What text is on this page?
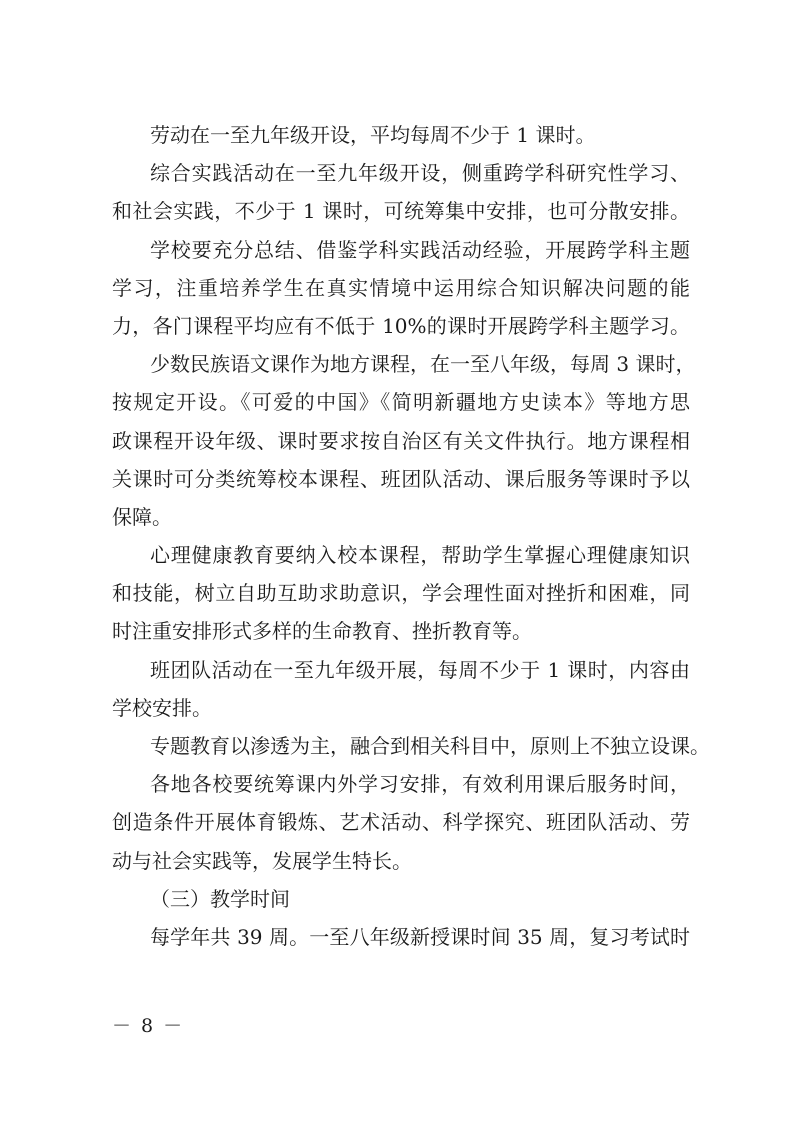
劳动在一至九年级开设，平均每周不少于 1 课时。
综合实践活动在一至九年级开设，侧重跨学科研究性学习、
和社会实践，不少于 1 课时，可统筹集中安排，也可分散安排。
学校要充分总结、借鉴学科实践活动经验，开展跨学科主题
学习，注重培养学生在真实情境中运用综合知识解决问题的能
力，各门课程平均应有不低于 10%的课时开展跨学科主题学习。
少数民族语文课作为地方课程，在一至八年级，每周 3 课时，
按规定开设。《可爱的中国》《简明新疆地方史读本》等地方思
政课程开设年级、课时要求按自治区有关文件执行。地方课程相
关课时可分类统筹校本课程、班团队活动、课后服务等课时予以
保障。
心理健康教育要纳入校本课程，帮助学生掌握心理健康知识
和技能，树立自助互助求助意识，学会理性面对挫折和困难，同
时注重安排形式多样的生命教育、挫折教育等。
班团队活动在一至九年级开展，每周不少于 1 课时，内容由
学校安排。
专题教育以渗透为主，融合到相关科目中，原则上不独立设课。
各地各校要统筹课内外学习安排，有效利用课后服务时间，
创造条件开展体育锻炼、艺术活动、科学探究、班团队活动、劳
动与社会实践等，发展学生特长。
（三）教学时间
每学年共 39 周。一至八年级新授课时间 35 周，复习考试时
－ 8 －
